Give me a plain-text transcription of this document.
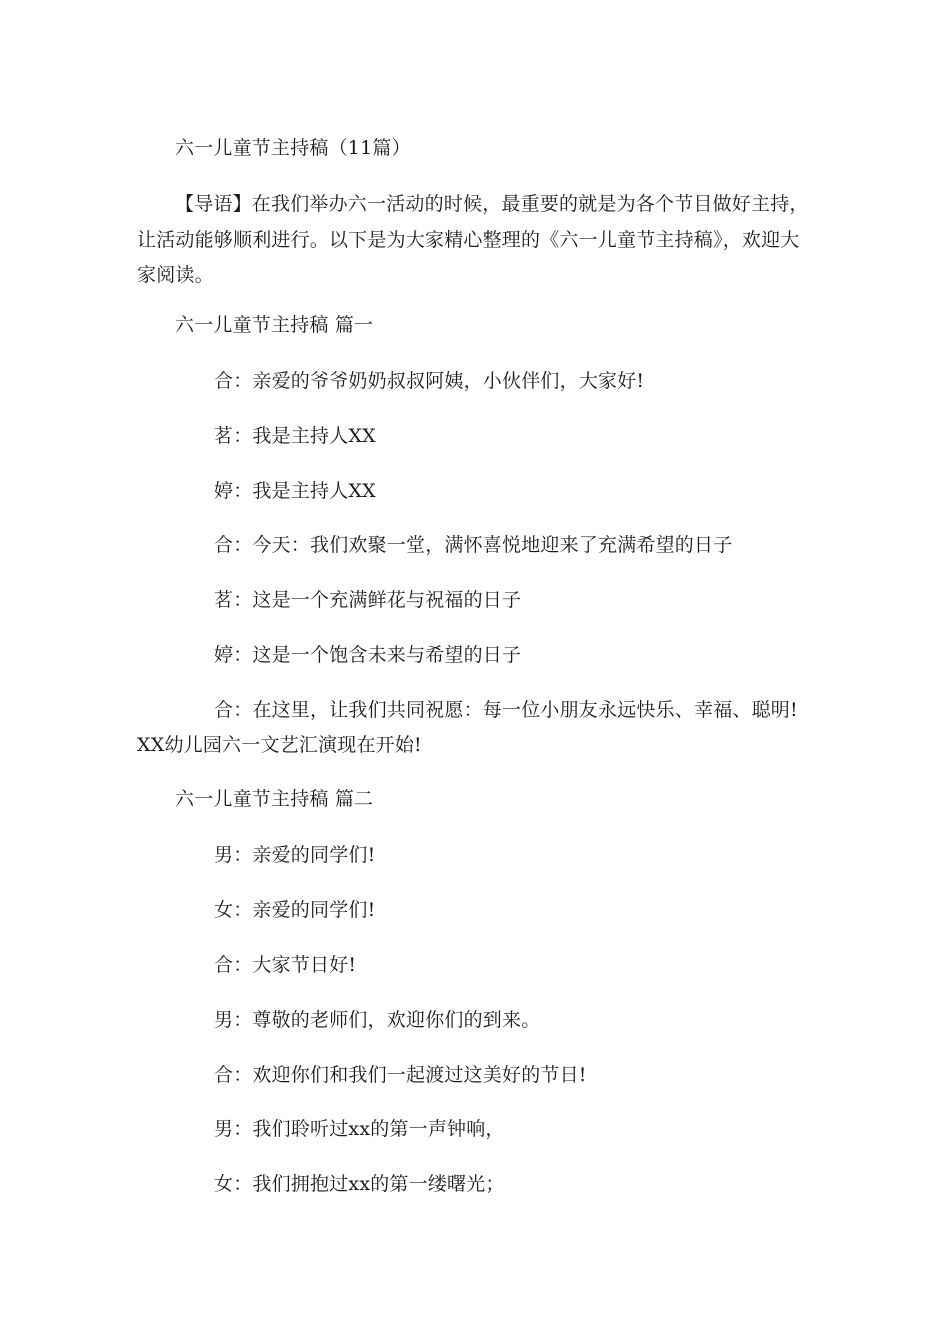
六一儿童节主持稿（11篇）
【导语】在我们举办六一活动的时候，最重要的就是为各个节目做好主持，
让活动能够顺利进行。以下是为大家精心整理的《六一儿童节主持稿》，欢迎大
家阅读。
六一儿童节主持稿 篇一
合：亲爱的爷爷奶奶叔叔阿姨，小伙伴们，大家好!
茗：我是主持人XX
婷：我是主持人XX
合：今天：我们欢聚一堂，满怀喜悦地迎来了充满希望的日子
茗：这是一个充满鲜花与祝福的日子
婷：这是一个饱含未来与希望的日子
合：在这里，让我们共同祝愿：每一位小朋友永远快乐、幸福、聪明!
XX幼儿园六一文艺汇演现在开始!
六一儿童节主持稿 篇二
男：亲爱的同学们!
女：亲爱的同学们!
合：大家节日好!
男：尊敬的老师们，欢迎你们的到来。
合：欢迎你们和我们一起渡过这美好的节日!
男：我们聆听过xx的第一声钟响，
女：我们拥抱过xx的第一缕曙光；
